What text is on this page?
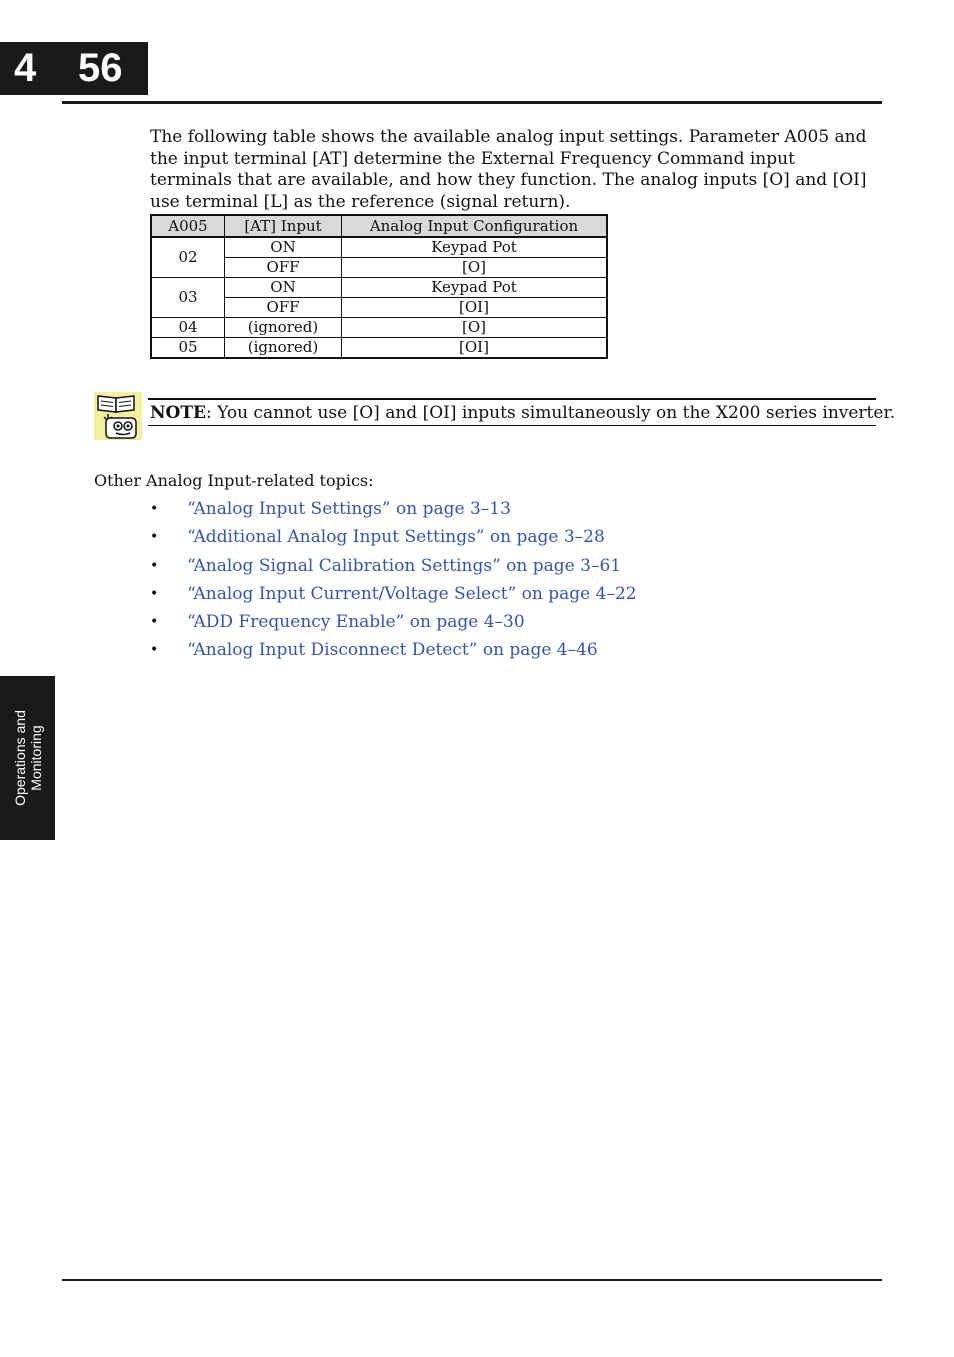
4 56

The following table shows the available analog input settings. Parameter A005 and the input terminal [AT] determine the External Frequency Command input terminals that are available, and how they function. The analog inputs [O] and [OI] use terminal [L] as the reference (signal return).

A005	[AT] Input	Analog Input Configuration
02	ON	Keypad Pot
	OFF	[O]
03	ON	Keypad Pot
	OFF	[OI]
04	(ignored)	[O]
05	(ignored)	[OI]
NOTE: You cannot use [O] and [OI] inputs simultaneously on the X200 series inverter.
Other Analog Input-related topics:
• “Analog Input Settings” on page 3–13
• “Additional Analog Input Settings” on page 3–28
• “Analog Signal Calibration Settings” on page 3–61
• “Analog Input Current/Voltage Select” on page 4–22
• “ADD Frequency Enable” on page 4–30
• “Analog Input Disconnect Detect” on page 4–46
Operations and Monitoring
